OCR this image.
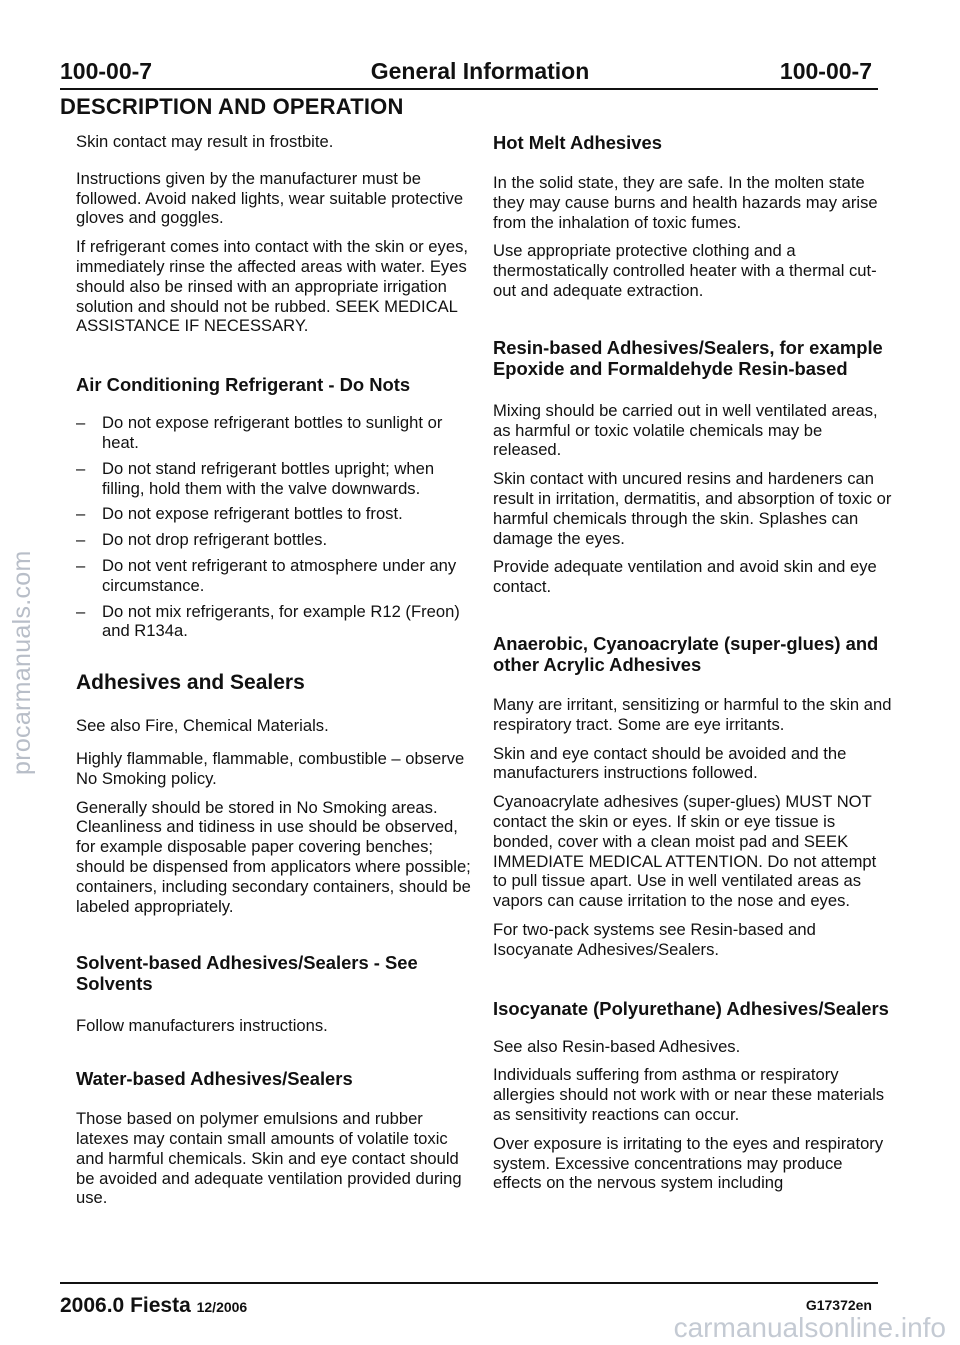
100-00-7	General Information	100-00-7
DESCRIPTION AND OPERATION

Skin contact may result in frostbite.

Instructions given by the manufacturer must be followed. Avoid naked lights, wear suitable protective gloves and goggles.

If refrigerant comes into contact with the skin or eyes, immediately rinse the affected areas with water. Eyes should also be rinsed with an appropriate irrigation solution and should not be rubbed. SEEK MEDICAL ASSISTANCE IF NECESSARY.

Air Conditioning Refrigerant - Do Nots
– Do not expose refrigerant bottles to sunlight or heat.
– Do not stand refrigerant bottles upright; when filling, hold them with the valve downwards.
– Do not expose refrigerant bottles to frost.
– Do not drop refrigerant bottles.
– Do not vent refrigerant to atmosphere under any circumstance.
– Do not mix refrigerants, for example R12 (Freon) and R134a.
Adhesives and Sealers

See also Fire, Chemical Materials.

Highly flammable, flammable, combustible – observe No Smoking policy.

Generally should be stored in No Smoking areas. Cleanliness and tidiness in use should be observed, for example disposable paper covering benches; should be dispensed from applicators where possible; containers, including secondary containers, should be labeled appropriately.

Solvent-based Adhesives/Sealers - See Solvents

Follow manufacturers instructions.

Water-based Adhesives/Sealers

Those based on polymer emulsions and rubber latexes may contain small amounts of volatile toxic and harmful chemicals. Skin and eye contact should be avoided and adequate ventilation provided during use.

Hot Melt Adhesives

In the solid state, they are safe. In the molten state they may cause burns and health hazards may arise from the inhalation of toxic fumes.

Use appropriate protective clothing and a thermostatically controlled heater with a thermal cut-out and adequate extraction.

Resin-based Adhesives/Sealers, for example Epoxide and Formaldehyde Resin-based

Mixing should be carried out in well ventilated areas, as harmful or toxic volatile chemicals may be released.

Skin contact with uncured resins and hardeners can result in irritation, dermatitis, and absorption of toxic or harmful chemicals through the skin. Splashes can damage the eyes.

Provide adequate ventilation and avoid skin and eye contact.

Anaerobic, Cyanoacrylate (super-glues) and other Acrylic Adhesives

Many are irritant, sensitizing or harmful to the skin and respiratory tract. Some are eye irritants.

Skin and eye contact should be avoided and the manufacturers instructions followed.

Cyanoacrylate adhesives (super-glues) MUST NOT contact the skin or eyes. If skin or eye tissue is bonded, cover with a clean moist pad and SEEK IMMEDIATE MEDICAL ATTENTION. Do not attempt to pull tissue apart. Use in well ventilated areas as vapors can cause irritation to the nose and eyes.

For two-pack systems see Resin-based and Isocyanate Adhesives/Sealers.

Isocyanate (Polyurethane) Adhesives/Sealers

See also Resin-based Adhesives.

Individuals suffering from asthma or respiratory allergies should not work with or near these materials as sensitivity reactions can occur.

Over exposure is irritating to the eyes and respiratory system. Excessive concentrations may produce effects on the nervous system including

2006.0 Fiesta 12/2006	G17372en
procarmanuals.com
carmanualsonline.info
